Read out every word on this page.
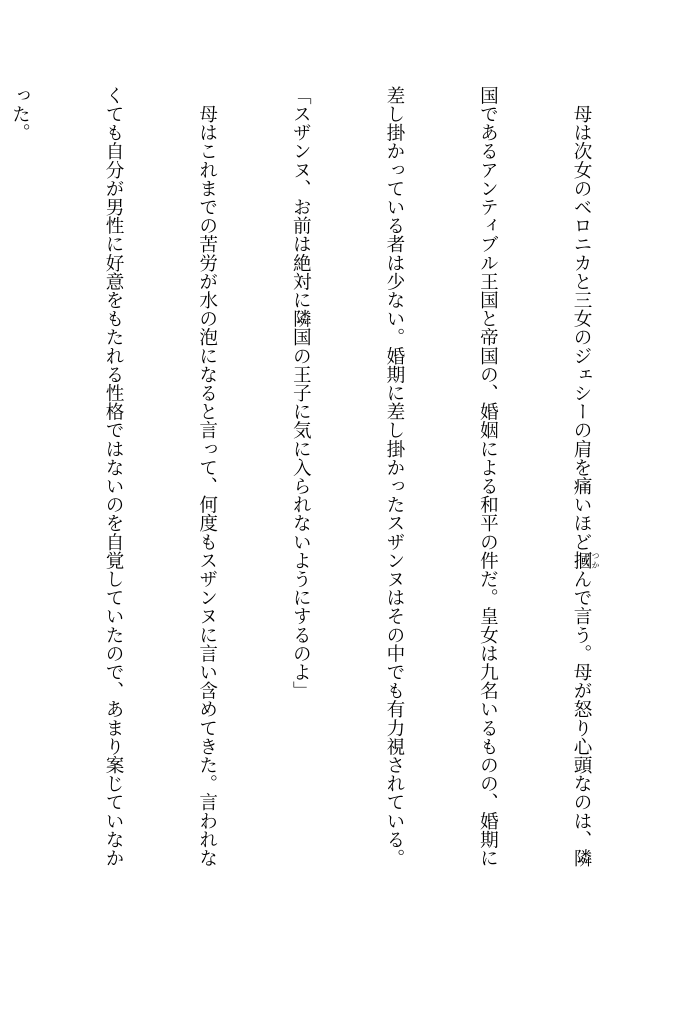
　母は次女のベロニカと三女のジェシーの肩を痛いほど摑 つかんで言う。母が怒り心頭なのは、隣

国であるアンティブル王国と帝国の、婚姻による和平の件だ。皇女は九名いるものの、婚期に

差し掛かっている者は少ない。婚期に差し掛かったスザンヌはその中でも有力視されている。

「スザンヌ、お前は絶対に隣国の王子に気に入られないようにするのよ」

　母はこれまでの苦労が水の泡になると言って、何度もスザンヌに言い含めてきた。言われな

くても自分が男性に好意をもたれる性格ではないのを自覚していたので、あまり案じていなか

った。
